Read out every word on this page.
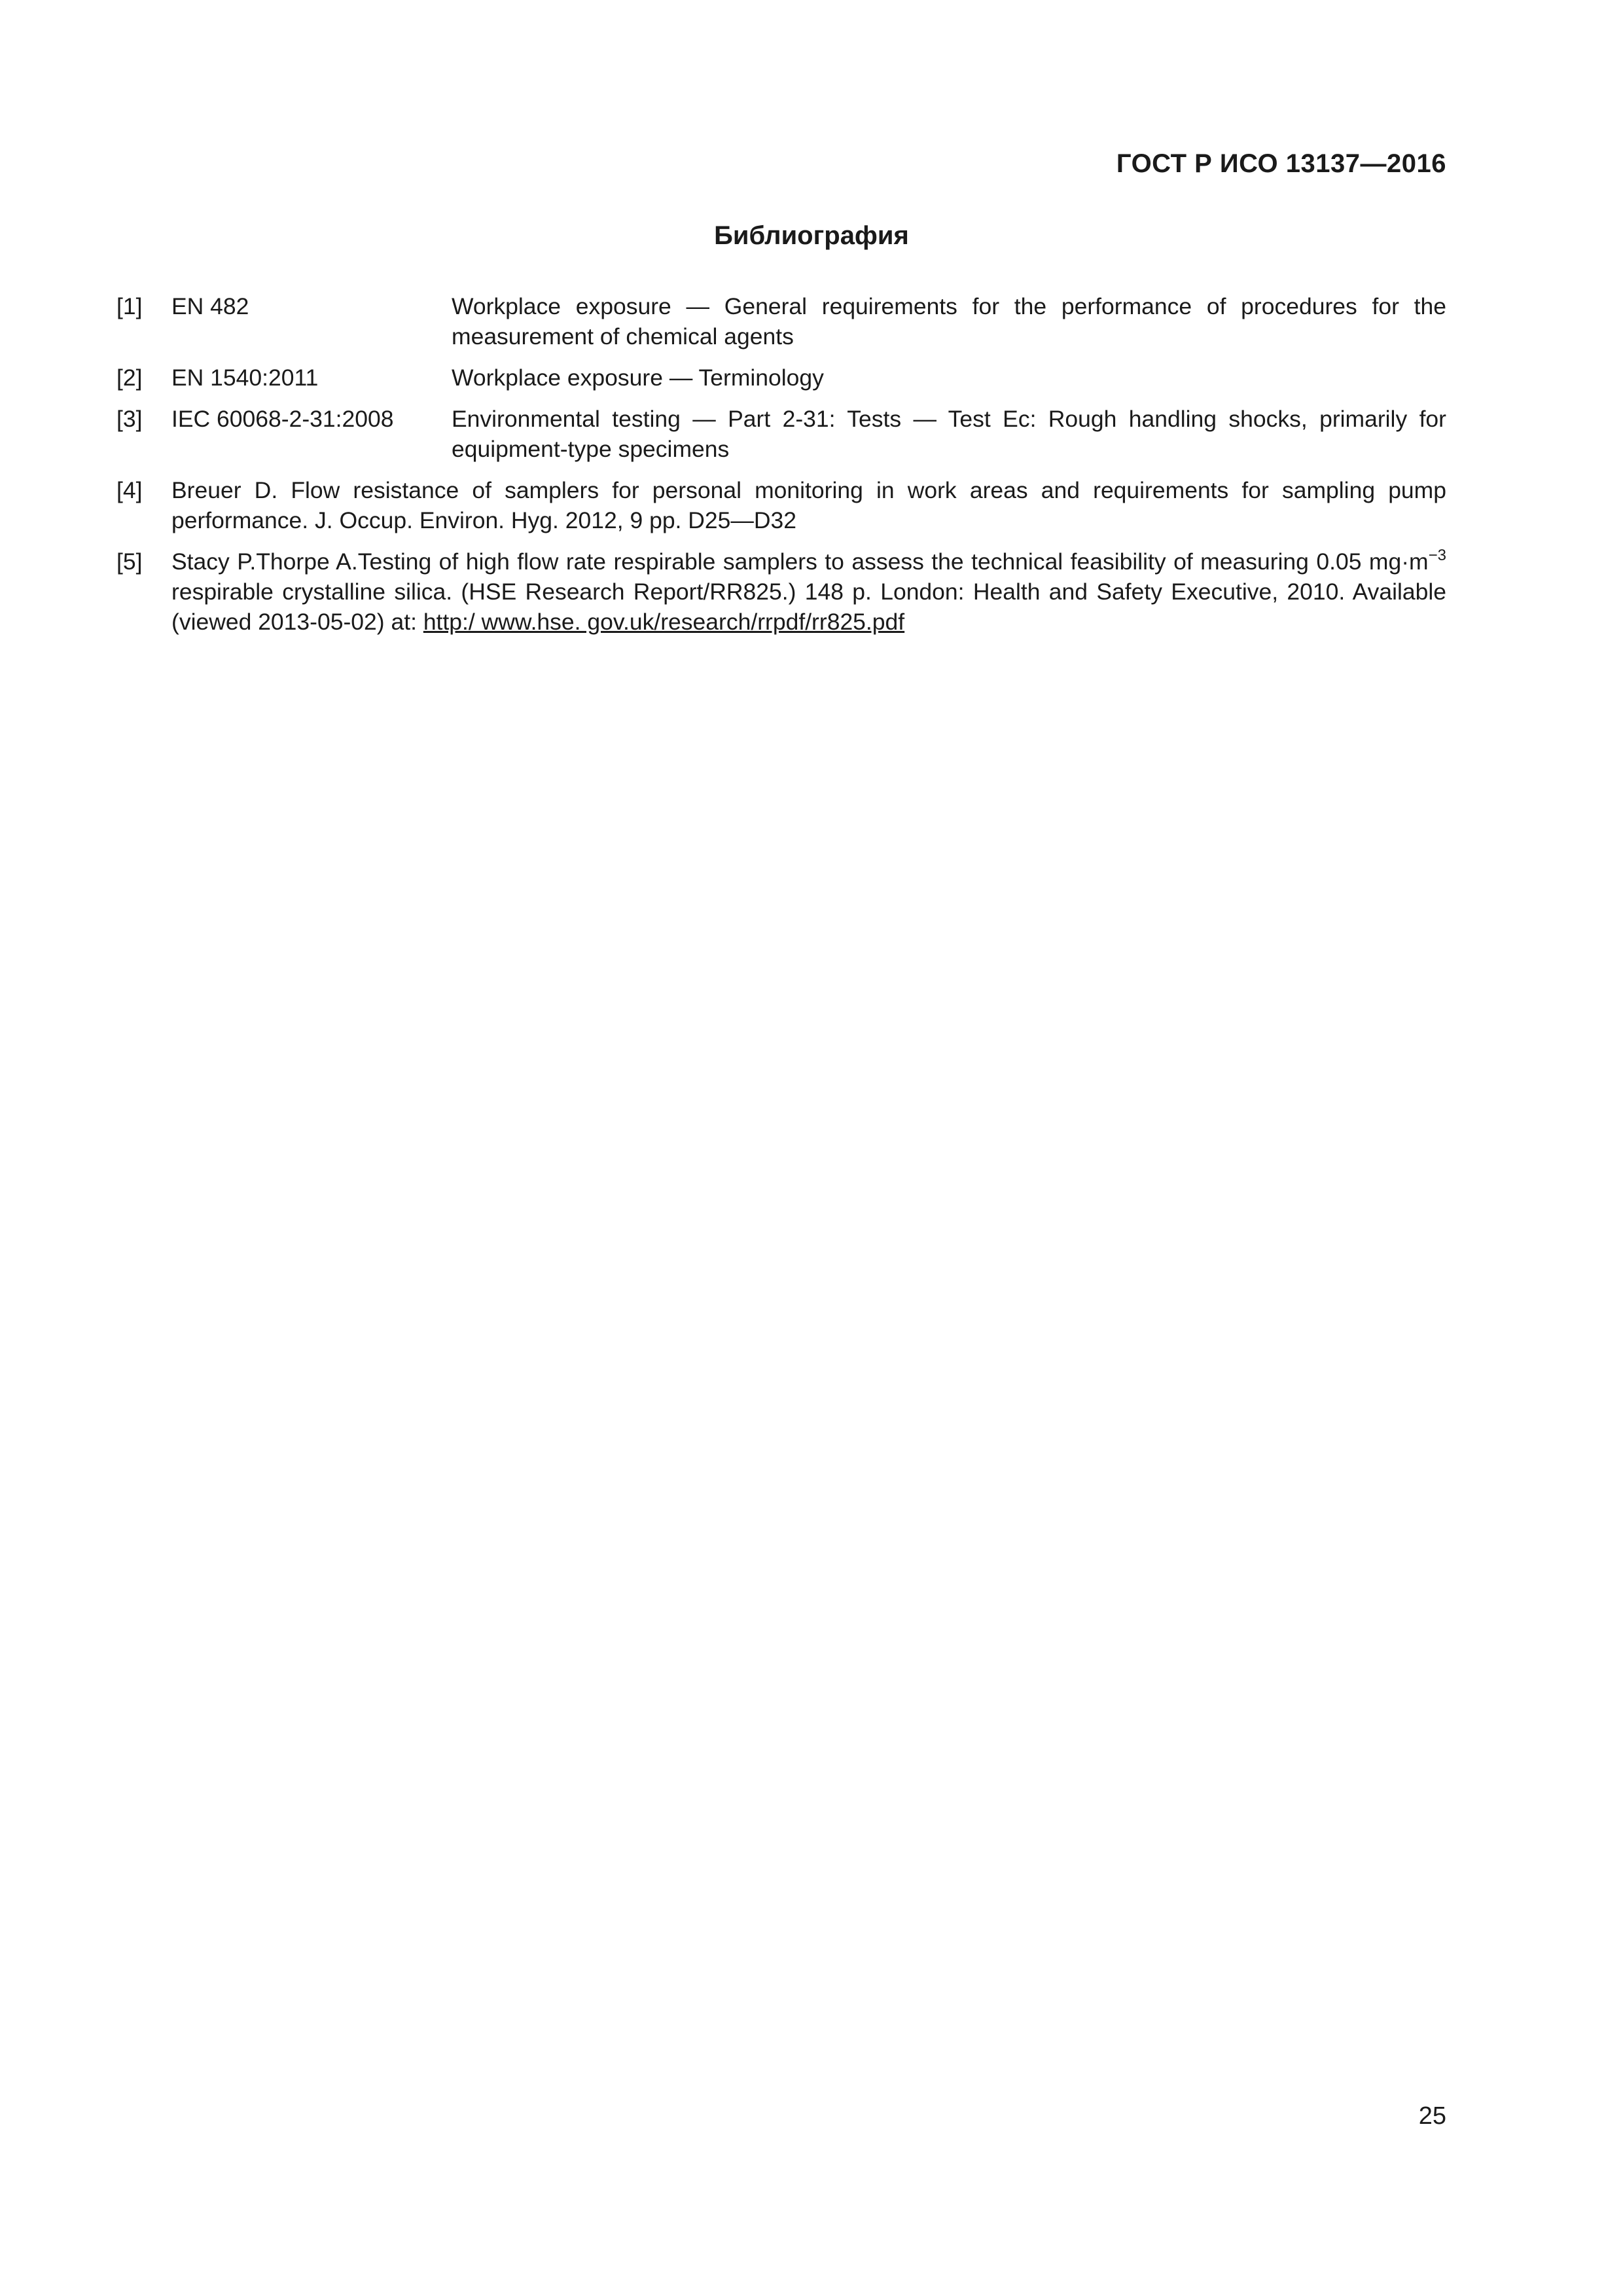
ГОСТ Р ИСО 13137—2016
Библиография
[1]	EN 482	Workplace exposure — General requirements for the performance of procedures for the measurement of chemical agents
[2]	EN 1540:2011	Workplace exposure — Terminology
[3]	IEC 60068-2-31:2008	Environmental testing — Part 2-31: Tests — Test Ec: Rough handling shocks, primarily for equipment-type specimens
[4]	Breuer D. Flow resistance of samplers for personal monitoring in work areas and requirements for sampling pump performance. J. Occup. Environ. Hyg. 2012, 9 pp. D25—D32
[5]	Stacy P.Thorpe A.Testing of high flow rate respirable samplers to assess the technical feasibility of measuring 0.05 $mg\cdot m^{-3}$ respirable crystalline silica. (HSE Research Report/RR825.) 148 p. London: Health and Safety Executive, 2010. Available (viewed 2013-05-02) at: http:/ www.hse. gov.uk/research/rrpdf/rr825.pdf
25
